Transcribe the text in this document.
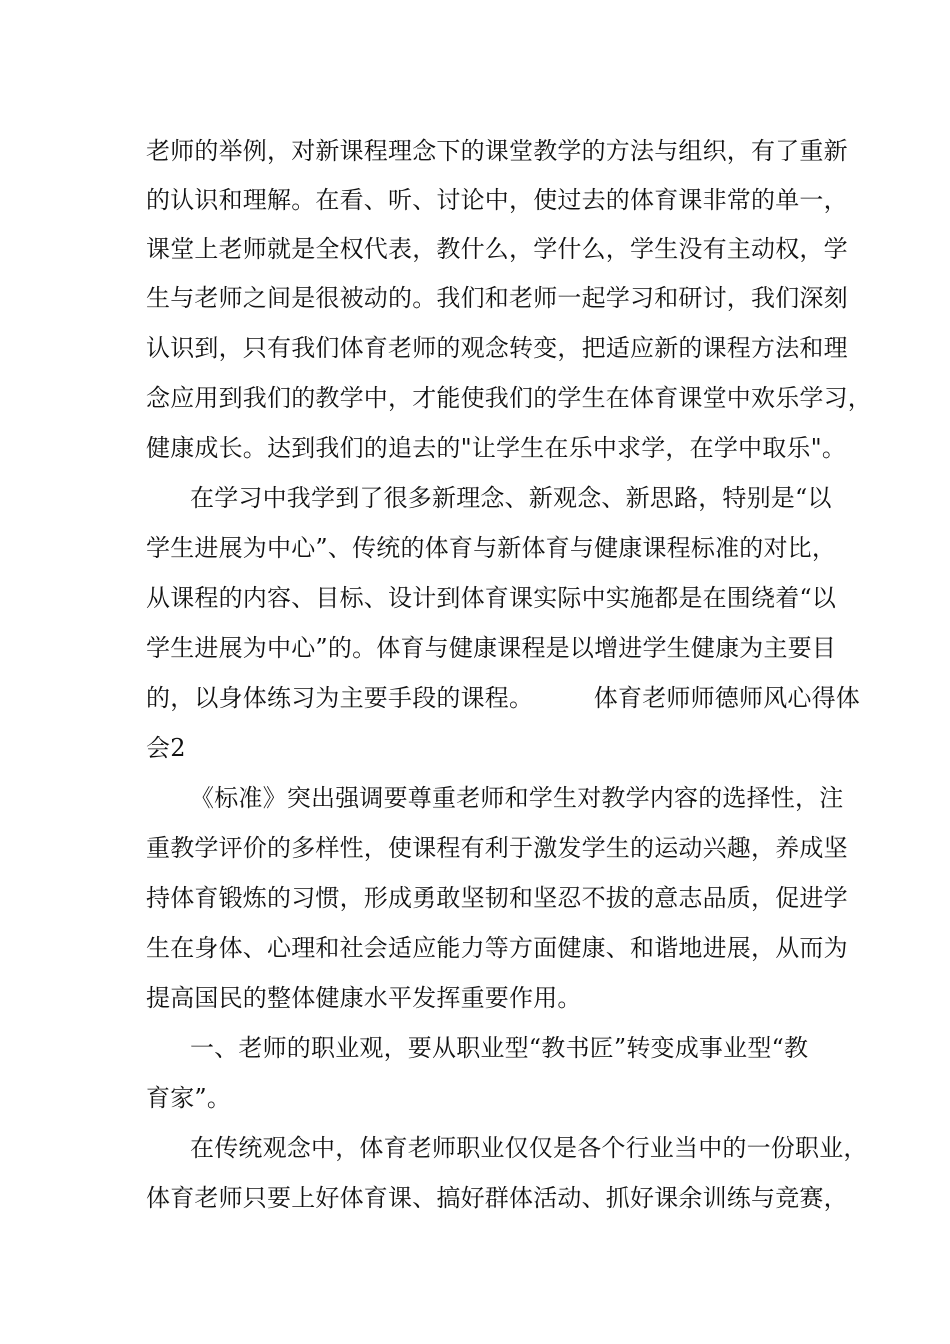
老师的举例，对新课程理念下的课堂教学的方法与组织，有了重新
的认识和理解。在看、听、讨论中，使过去的体育课非常的单一，
课堂上老师就是全权代表，教什么，学什么，学生没有主动权，学
生与老师之间是很被动的。我们和老师一起学习和研讨，我们深刻
认识到，只有我们体育老师的观念转变，把适应新的课程方法和理
念应用到我们的教学中，才能使我们的学生在体育课堂中欢乐学习，
健康成长。达到我们的追去的"让学生在乐中求学，在学中取乐"。
在学习中我学到了很多新理念、新观念、新思路，特别是“以
学生进展为中心”、传统的体育与新体育与健康课程标准的对比，
从课程的内容、目标、设计到体育课实际中实施都是在围绕着“以
学生进展为中心”的。体育与健康课程是以增进学生健康为主要目
的，以身体练习为主要手段的课程。　　　体育老师师德师风心得体
会2
《标准》突出强调要尊重老师和学生对教学内容的选择性，注
重教学评价的多样性，使课程有利于激发学生的运动兴趣，养成坚
持体育锻炼的习惯，形成勇敢坚韧和坚忍不拔的意志品质，促进学
生在身体、心理和社会适应能力等方面健康、和谐地进展，从而为
提高国民的整体健康水平发挥重要作用。
一、老师的职业观，要从职业型“教书匠”转变成事业型“教
育家”。
在传统观念中，体育老师职业仅仅是各个行业当中的一份职业，
体育老师只要上好体育课、搞好群体活动、抓好课余训练与竞赛，
